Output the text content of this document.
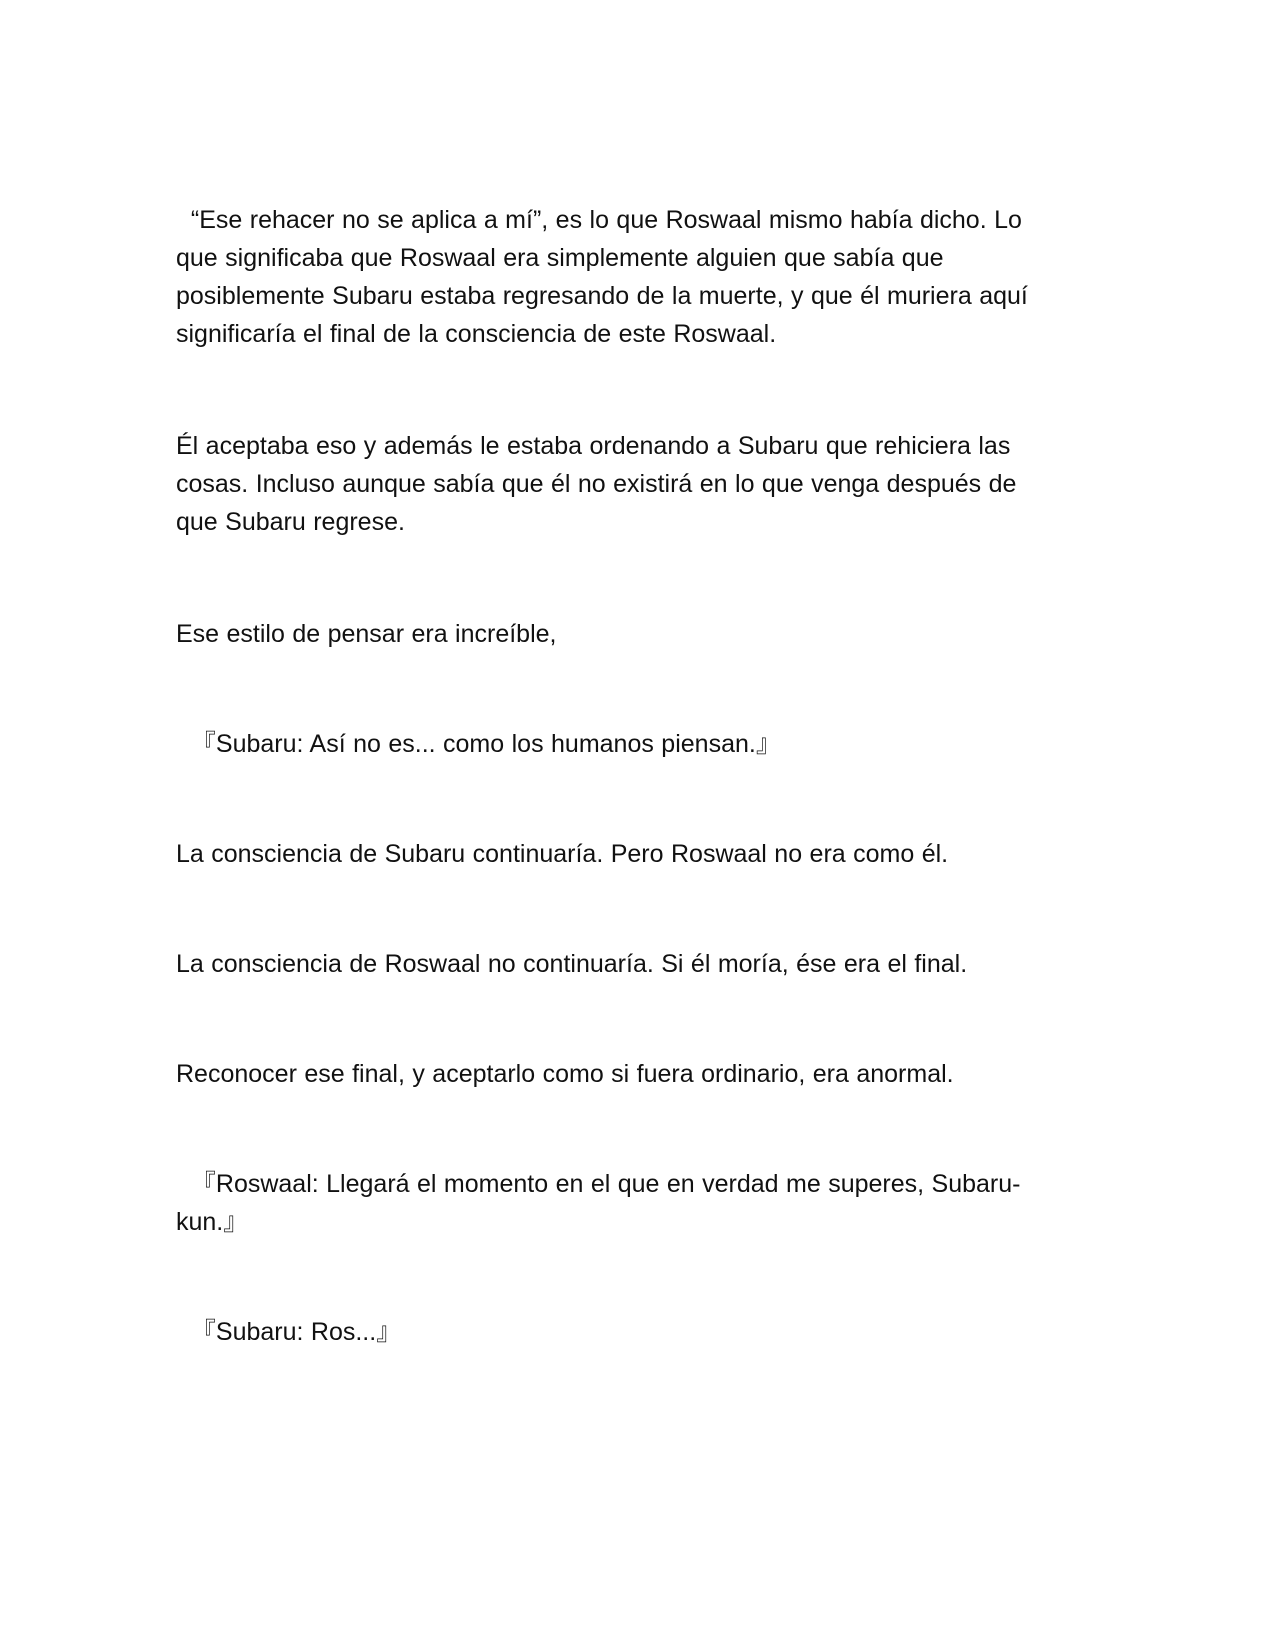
“Ese rehacer no se aplica a mí”, es lo que Roswaal mismo había dicho. Lo
que significaba que Roswaal era simplemente alguien que sabía que
posiblemente Subaru estaba regresando de la muerte, y que él muriera aquí
significaría el final de la consciencia de este Roswaal.

Él aceptaba eso y además le estaba ordenando a Subaru que rehiciera las
cosas. Incluso aunque sabía que él no existirá en lo que venga después de
que Subaru regrese.

Ese estilo de pensar era increíble,

『Subaru: Así no es... como los humanos piensan.』

La consciencia de Subaru continuaría. Pero Roswaal no era como él.

La consciencia de Roswaal no continuaría. Si él moría, ése era el final.

Reconocer ese final, y aceptarlo como si fuera ordinario, era anormal.

『Roswaal: Llegará el momento en el que en verdad me superes, Subaru-
kun.』

『Subaru: Ros...』
